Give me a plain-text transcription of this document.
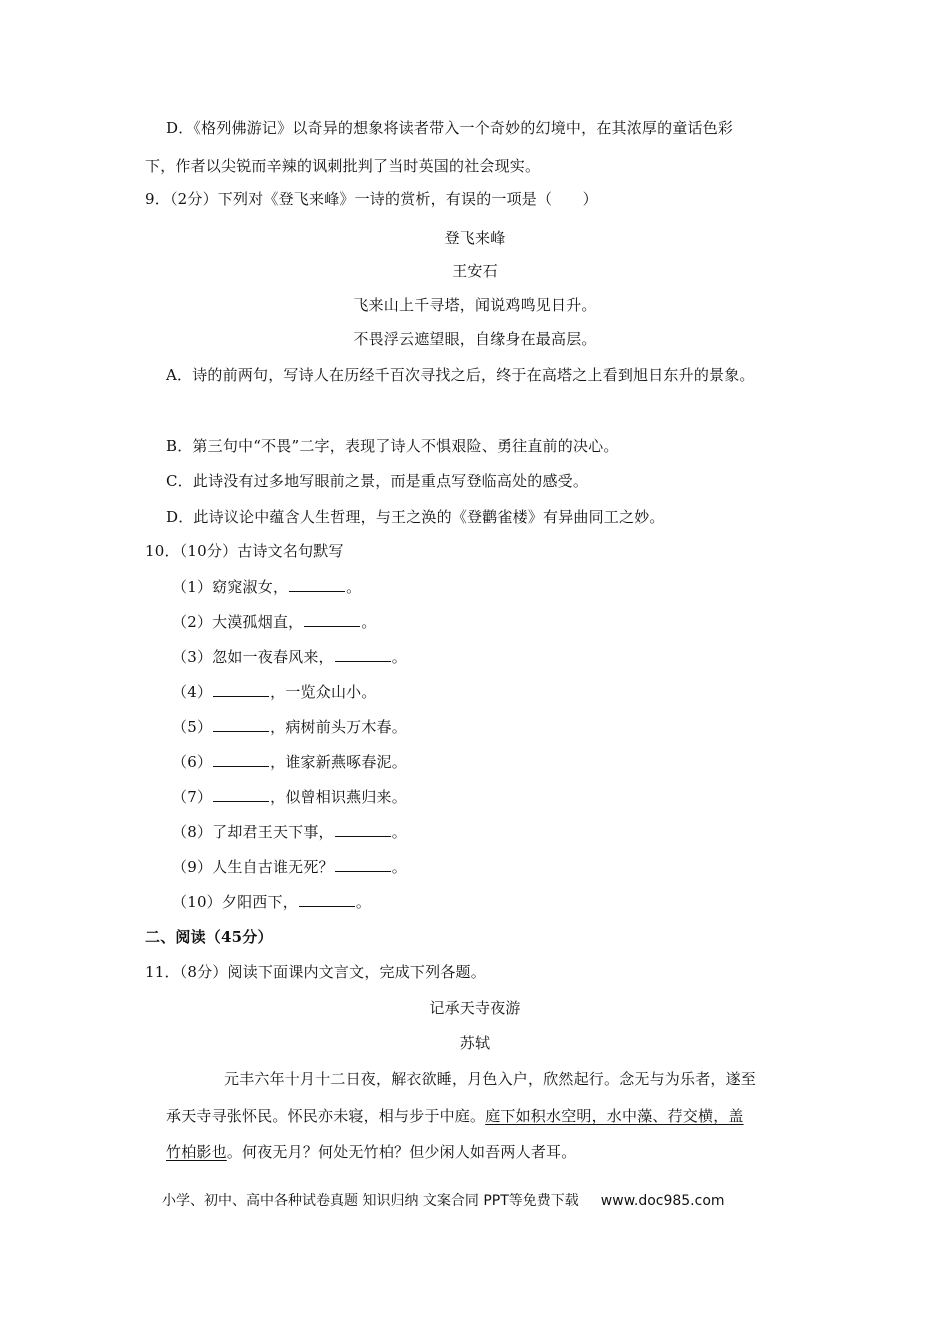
D．《格列佛游记》以奇异的想象将读者带入一个奇妙的幻境中，在其浓厚的童话色彩
下，作者以尖锐而辛辣的讽刺批判了当时英国的社会现实。
9．（2分）下列对《登飞来峰》一诗的赏析，有误的一项是（　　）
登飞来峰
王安石
飞来山上千寻塔，闻说鸡鸣见日升。
不畏浮云遮望眼，自缘身在最高层。
A．诗的前两句，写诗人在历经千百次寻找之后，终于在高塔之上看到旭日东升的景象。
B．第三句中“不畏”二字，表现了诗人不惧艰险、勇往直前的决心。
C．此诗没有过多地写眼前之景，而是重点写登临高处的感受。
D．此诗议论中蕴含人生哲理，与王之涣的《登鹳雀楼》有异曲同工之妙。
10．（10分）古诗文名句默写
（1）窈窕淑女，	。
（2）大漠孤烟直，	。
（3）忽如一夜春风来，	。
（4）	，一览众山小。
（5）	，病树前头万木春。
（6）	，谁家新燕啄春泥。
（7）	，似曾相识燕归来。
（8）了却君王天下事，	。
（9）人生自古谁无死？	。
（10）夕阳西下，	。
二、阅读（45分）
11．（8分）阅读下面课内文言文，完成下列各题。
记承天寺夜游
苏轼
元丰六年十月十二日夜，解衣欲睡，月色入户，欣然起行。念无与为乐者，遂至
承天寺寻张怀民。怀民亦未寝，相与步于中庭。庭下如积水空明，水中藻、荇交横，盖
竹柏影也。何夜无月？何处无竹柏？但少闲人如吾两人者耳。
小学、初中、高中各种试卷真题 知识归纳 文案合同 PPT等免费下载 www.doc985.com
